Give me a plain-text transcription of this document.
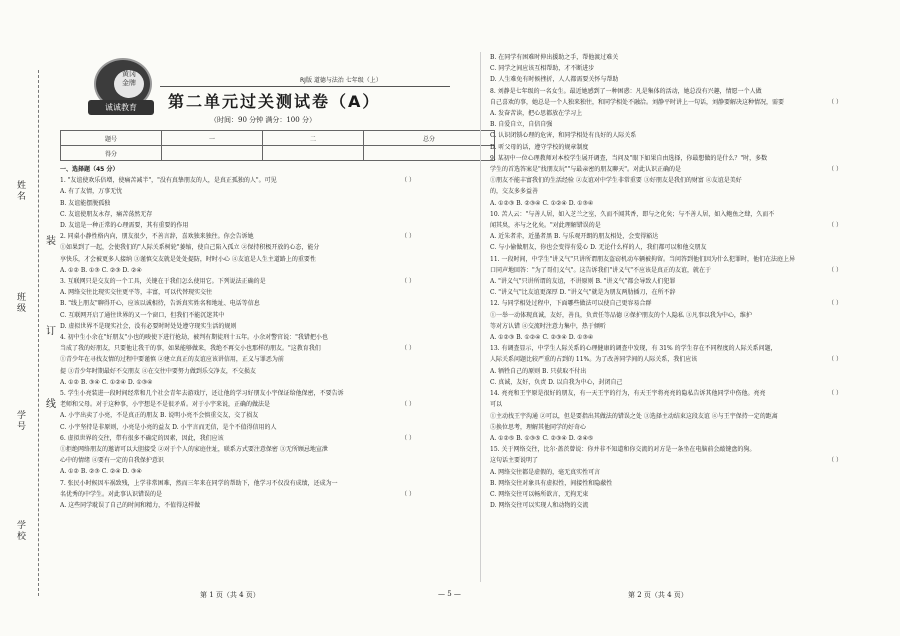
姓名
班级
学号
学校
装
订
线
黄冈
金牌
诚诚教育
RJ版 道德与法治 七年级（上）
第二单元过关测试卷（A）
（时间：90 分钟 满分：100 分）
题号	一	二	总分
得分			
一、选择题（45 分）
（ ）
1. "友谊使欢乐倍增，使痛苦减半"，"没有真挚朋友的人，是真正孤独的人"。可见
A. 有了友情，万事无忧
B. 友谊能摆脱孤独
C. 友谊使朋友永存，痛苦荡然无存
D. 友谊是一种正常的心理需要，其有重要的作用
（ ）
2. 同桌小静性格内向，朋友很少，不善言辞，喜欢独来独往。你会告诉她
①如果到了一起，会使我们的"人际关系树轮"萎缩，使自己陷入孤立 ②保持积极开放的心态，能分
享快乐，才会被更多人接纳 ③谨慎交友就是处处提防，时时小心 ④友谊是人生主道路上的重要性
A. ①② B. ①③ C. ②③ D. ②④
（ ）
3. 互联网只是交友的一个工具，关键在于我们怎么使用它。下列说法正确的是
A. 网络交往比现实交往更平等，丰富，可以代替现实交往
B. "线上朋友"聊得开心，应该以诚相待，告诉真实姓名和地址、电话等信息
C. 互联网开启了通往世界的又一个窗口，但我们不能沉迷其中
D. 虚拟世界不是现实社会，没有必要时时处处遵守现实生活的规则
4. 初中生小余在"好朋友"小也的唆使下进行抢劫，被判有期徒刑十五年。小余对警官说："我错把小也
（ ）
当成了我的好朋友，只要他让我干的事，如果能够做来，我绝不再交小也那样的朋友。"这教育我们
①青少年在寻找友情的过程中要谨慎 ②建立真正的友谊应该讲信用，正义与罪恶为前
提 ③青少年时期最好不交朋友 ④在交往中要努力做到乐交净友，不交损友
A. ①② B. ③④ C. ①②④ D. ①③④
5. 学生小亮装进一段时间经常和几个社会青年去游戏厅，还让他的学习好朋友小宇保证给他保密，不要告诉
（ ）
老师和父母。对于这种事，小宇想是不是很矛盾。对于小宇来说，正确的做法是
A. 小宇出卖了小亮，不是真正的朋友 B. 说明小亮不会慎重交友，交了损友
C. 小宇坚持是非原则，小亮是小亮的益友 D. 小宇言而无信，是个不值得信用的人
（ ）
6. 虚拟世界的交往，带有很多不确定的因素，因此，我们应该
①拒绝网络朋友的邀请可以大胆接受 ②对于个人的家庭住址，联系方式要注意保密 ③无所顾忌地宣泄
心中的情绪 ④要有一定的自我保护意识
A. ①② B. ②③ C. ②④ D. ③④
7. 张民小时候因车祸致残，上学非常困难，然而三年来在同学的帮助下，他学习不仅没有成绩，还成为一
（ ）
名优秀的中学生。对此事认识错误的是
A. 这些同学耽误了自己的时间和精力，不值得这样做
B. 在同学有困难时伸出援助之手，帮他渡过难关
C. 同学之间应该互相帮助，才不断进步
D. 人生难免有时候挫折，人人都需要关怀与帮助
8. 刘静是七年级的一名女生。最近她感到了一种困惑：凡是集体的活动，她总没有兴趣，情愿一个人做
（ ）
自己喜欢的事，她总是一个人独来独往，和同学相处不融洽。刘静平时讲上一句话，刘静要解决这种情况，需要
A. 发奋苦读，把心思都放在学习上
B. 自爱自立，自信自强
C. 认识闭锁心理的危害，和同学相处有良好的人际关系
D. 听父母的话，遵守学校的规章制度
9. 某初中一位心理教师对本校学生展开调查，当问及"眼下如果自由选择，你最想做的是什么？"时，多数
（ ）
学生的首选答案是"找朋友玩""与最亲密的朋友聊天"。对此认识正确的是
①朋友不能丰富我们的生活经验 ②友谊对中学生非常重要 ③好朋友是我们的财富 ④友谊是美好
的，交友多多益善
A. ①②③ B. ②③④ C. ①②④ D. ①③④
10. 苦人云："与善人居，如入芝兰之室，久而不闻其香，即与之化矣；与不善人居，如入鲍鱼之肆，久而不
（ ）
闻其臭，亦与之化矣。"对此理解错误的是
A. 近朱者赤，近墨者黑 B. 与乐观开朗的朋友相处，会变得豁达
C. 与小偷做朋友，你也会变得有爱心 D. 无论什么样的人，我们都可以和他交朋友
11. 一段时间，中学生"讲义气"只讲所谓朋友盗窃机动车辆被拘留。当问答到他们因为什么犯罪时，他们在法庭上异
（ ）
口同声地回答："为了哥们义气"。这告诉我们"讲义气"不应该是真正的友谊，就在于
A. "讲义气"只讲所谓的友谊，不讲原则 B. "讲义气"都会导致人们犯罪
C. "讲义气"比友谊更深厚 D. "讲义气"就是为朋友两肋插刀，在所不辞
（ ）
12. 与同学相处过程中，下面哪些做法可以使自己更容易合群
①一举一动体现真诚，友好，善良，负责任等品德 ②保护朋友的个人隐私 ③凡事以我为中心，维护
等对方认错 ④交流时注意力集中，热于倾听
A. ①②③ B. ①②④ C. ②③④ D. ①③④
13. 有调查显示，中学生人际关系的心理健康的调查中发现，有 31% 的学生存在不同程度的人际关系问题，
（ ）
人际关系问题比较严重的占到的 11%。为了改善同学间的人际关系，我们应该
A. 牺牲自己的原则 B. 只获取不付出
C. 真诚，友好，负责 D. 以自我为中心，封闭自己
（ ）
14. 亮亮和王宇原是很好的朋友，有一天王宇的行为，有天王宇将亮亮的隐私告诉其他同学中伤他。亮亮
可以
①主动找王宇沟通 ②可以，但是要指出其做法的错误之处 ③选择主动结束这段友谊 ④与王宇保持一定的距离
⑤换位思考，理解其他同学的好奇心
A. ①②⑤ B. ①③⑤ C. ②③④ D. ②④⑤
15. 关于网络交往，比尔·盖茨曾说：你并非不知道和你交流的对方是一条坐在电脑前会敲键盘的狗。
（ ）
这句话主要说明了
A. 网络交往都是虚假的，毫无真实性可言
B. 网络交往对象具有虚拟性，间接性和隐蔽性
C. 网络交往可以畅所欲言，无拘无束
D. 网络交往可以实现人和动物的交流
第 1 页（共 4 页）	— 5 —	第 2 页（共 4 页）
